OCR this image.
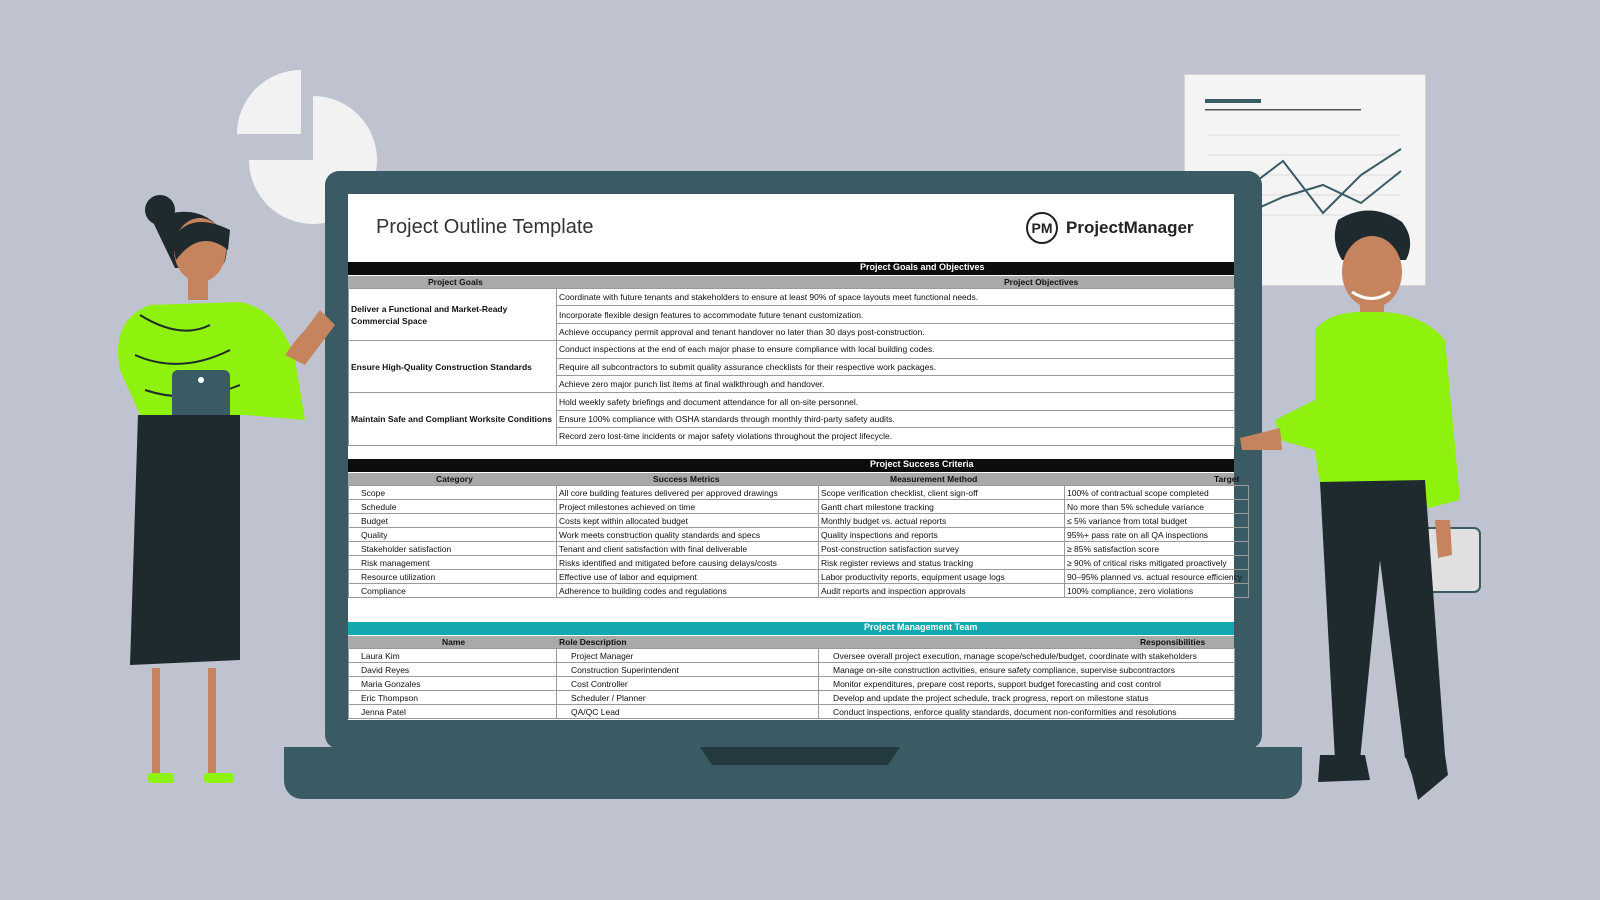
Project Outline Template	PM ProjectManager
Project Goals and Objectives
Project Goals	Project Objectives
Deliver a Functional and Market-Ready Commercial Space	Coordinate with future tenants and stakeholders to ensure at least 90% of space layouts meet functional needs.
	Incorporate flexible design features to accommodate future tenant customization.
	Achieve occupancy permit approval and tenant handover no later than 30 days post-construction.
Ensure High-Quality Construction Standards	Conduct inspections at the end of each major phase to ensure compliance with local building codes.
	Require all subcontractors to submit quality assurance checklists for their respective work packages.
	Achieve zero major punch list items at final walkthrough and handover.
Maintain Safe and Compliant Worksite Conditions	Hold weekly safety briefings and document attendance for all on-site personnel.
	Ensure 100% compliance with OSHA standards through monthly third-party safety audits.
	Record zero lost-time incidents or major safety violations throughout the project lifecycle.
Project Success Criteria
Category	Success Metrics	Measurement Method	Target
Scope	All core building features delivered per approved drawings	Scope verification checklist, client sign-off	100% of contractual scope completed
Schedule	Project milestones achieved on time	Gantt chart milestone tracking	No more than 5% schedule variance
Budget	Costs kept within allocated budget	Monthly budget vs. actual reports	≤ 5% variance from total budget
Quality	Work meets construction quality standards and specs	Quality inspections and reports	95%+ pass rate on all QA inspections
Stakeholder satisfaction	Tenant and client satisfaction with final deliverable	Post-construction satisfaction survey	≥ 85% satisfaction score
Risk management	Risks identified and mitigated before causing delays/costs	Risk register reviews and status tracking	≥ 90% of critical risks mitigated proactively
Resource utilization	Effective use of labor and equipment	Labor productivity reports, equipment usage logs	90–95% planned vs. actual resource efficiency
Compliance	Adherence to building codes and regulations	Audit reports and inspection approvals	100% compliance, zero violations
Project Management Team
Name	Role Description	Responsibilities
Laura Kim	Project Manager	Oversee overall project execution, manage scope/schedule/budget, coordinate with stakeholders
David Reyes	Construction Superintendent	Manage on-site construction activities, ensure safety compliance, supervise subcontractors
Maria Gonzales	Cost Controller	Monitor expenditures, prepare cost reports, support budget forecasting and cost control
Eric Thompson	Scheduler / Planner	Develop and update the project schedule, track progress, report on milestone status
Jenna Patel	QA/QC Lead	Conduct inspections, enforce quality standards, document non-conformities and resolutions
